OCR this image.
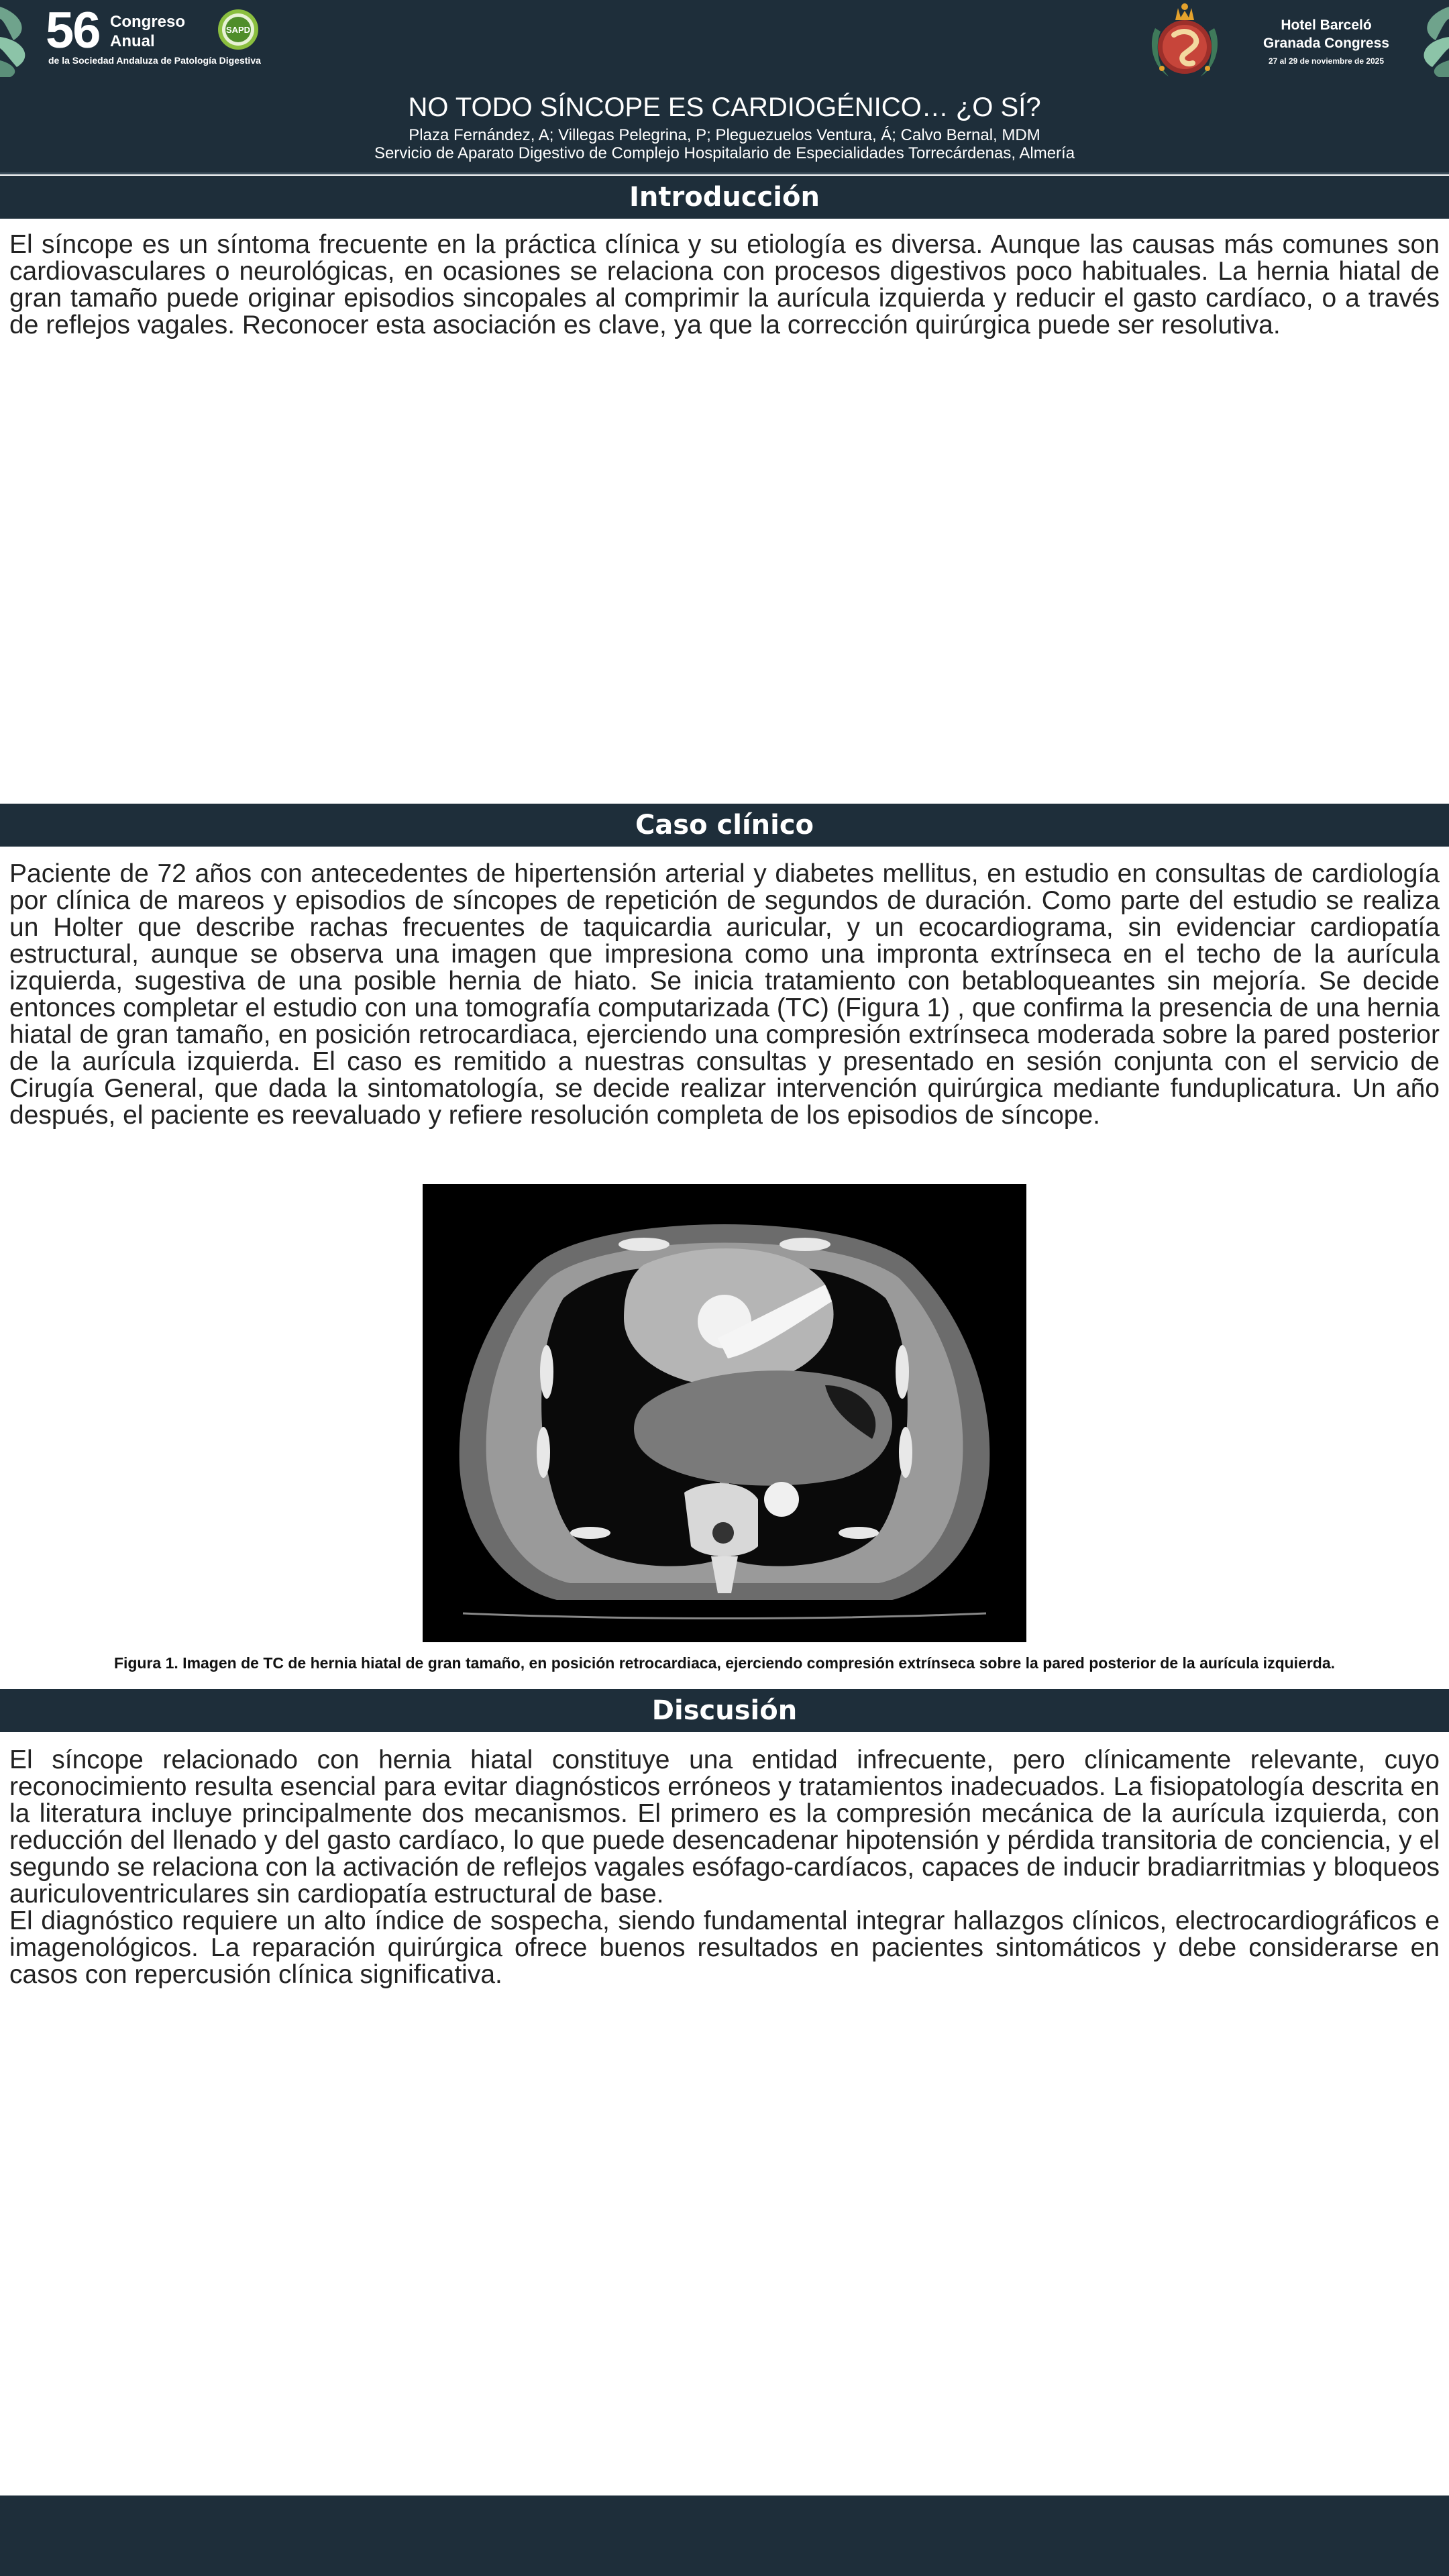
56 Congreso
Anual
de la Sociedad Andaluza de Patología Digestiva
SAPD	Hotel Barceló
Granada Congress
27 al 29 de noviembre de 2025
NO TODO SÍNCOPE ES CARDIOGÉNICO… ¿O SÍ?
Plaza Fernández, A; Villegas Pelegrina, P; Pleguezuelos Ventura, Á; Calvo Bernal, MDM
Servicio de Aparato Digestivo de Complejo Hospitalario de Especialidades Torrecárdenas, Almería
Introducción
El síncope es un síntoma frecuente en la práctica clínica y su etiología es diversa. Aunque las causas más comunes son cardiovasculares o neurológicas, en ocasiones se relaciona con procesos digestivos poco habituales. La hernia hiatal de gran tamaño puede originar episodios sincopales al comprimir la aurícula izquierda y reducir el gasto cardíaco, o a través de reflejos vagales. Reconocer esta asociación es clave, ya que la corrección quirúrgica puede ser resolutiva.
Caso clínico
Paciente de 72 años con antecedentes de hipertensión arterial y diabetes mellitus, en estudio en consultas de cardiología por clínica de mareos y episodios de síncopes de repetición de segundos de duración. Como parte del estudio se realiza un Holter que describe rachas frecuentes de taquicardia auricular, y un ecocardiograma, sin evidenciar cardiopatía estructural, aunque se observa una imagen que impresiona como una impronta extrínseca en el techo de la aurícula izquierda, sugestiva de una posible hernia de hiato. Se inicia tratamiento con betabloqueantes sin mejoría. Se decide entonces completar el estudio con una tomografía computarizada (TC) (Figura 1) , que confirma la presencia de una hernia hiatal de gran tamaño, en posición retrocardiaca, ejerciendo una compresión extrínseca moderada sobre la pared posterior de la aurícula izquierda. El caso es remitido a nuestras consultas y presentado en sesión conjunta con el servicio de Cirugía General, que dada la sintomatología, se decide realizar intervención quirúrgica mediante funduplicatura. Un año después, el paciente es reevaluado y refiere resolución completa de los episodios de síncope.
Figura 1. Imagen de TC de hernia hiatal de gran tamaño, en posición retrocardiaca, ejerciendo compresión extrínseca sobre la pared posterior de la aurícula izquierda.
Discusión
El síncope relacionado con hernia hiatal constituye una entidad infrecuente, pero clínicamente relevante, cuyo reconocimiento resulta esencial para evitar diagnósticos erróneos y tratamientos inadecuados. La fisiopatología descrita en la literatura incluye principalmente dos mecanismos. El primero es la compresión mecánica de la aurícula izquierda, con reducción del llenado y del gasto cardíaco, lo que puede desencadenar hipotensión y pérdida transitoria de conciencia, y el segundo se relaciona con la activación de reflejos vagales esófago-cardíacos, capaces de inducir bradiarritmias y bloqueos auriculoventriculares sin cardiopatía estructural de base.
El diagnóstico requiere un alto índice de sospecha, siendo fundamental integrar hallazgos clínicos, electrocardiográficos e imagenológicos. La reparación quirúrgica ofrece buenos resultados en pacientes sintomáticos y debe considerarse en casos con repercusión clínica significativa.
